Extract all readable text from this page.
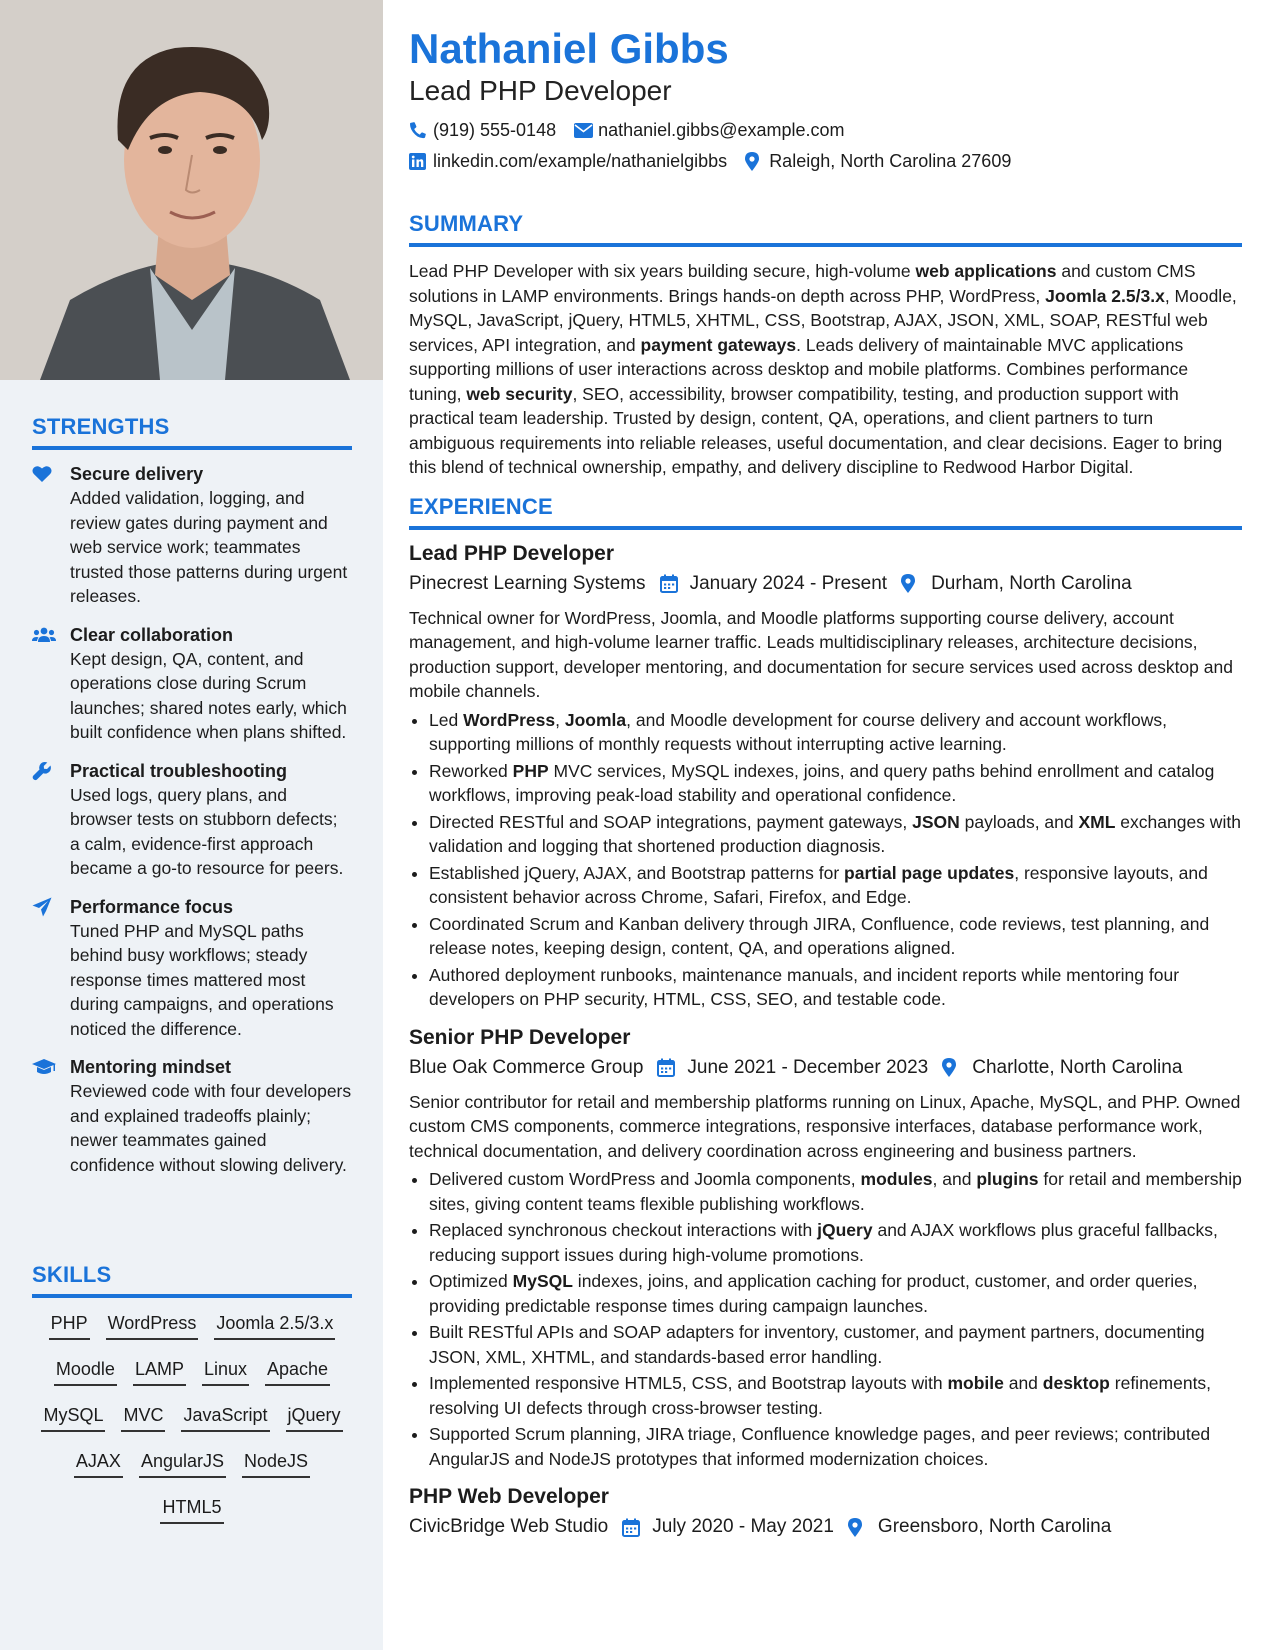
STRENGTHS
Secure delivery
Added validation, logging, and review gates during payment and web service work; teammates trusted those patterns during urgent releases.
Clear collaboration
Kept design, QA, content, and operations close during Scrum launches; shared notes early, which built confidence when plans shifted.
Practical troubleshooting
Used logs, query plans, and browser tests on stubborn defects; a calm, evidence-first approach became a go-to resource for peers.
Performance focus
Tuned PHP and MySQL paths behind busy workflows; steady response times mattered most during campaigns, and operations noticed the difference.
Mentoring mindset
Reviewed code with four developers and explained tradeoffs plainly; newer teammates gained confidence without slowing delivery.
SKILLS
PHP WordPress Joomla 2.5/3.x
Moodle LAMP Linux Apache
MySQL MVC JavaScript jQuery
AJAX AngularJS NodeJS
HTML5
Nathaniel Gibbs
Lead PHP Developer
(919) 555-0148 nathaniel.gibbs@example.com
linkedin.com/example/nathanielgibbs Raleigh, North Carolina 27609
SUMMARY
Lead PHP Developer with six years building secure, high-volume web applications and custom CMS solutions in LAMP environments. Brings hands-on depth across PHP, WordPress, Joomla 2.5/3.x, Moodle, MySQL, JavaScript, jQuery, HTML5, XHTML, CSS, Bootstrap, AJAX, JSON, XML, SOAP, RESTful web services, API integration, and payment gateways. Leads delivery of maintainable MVC applications supporting millions of user interactions across desktop and mobile platforms. Combines performance tuning, web security, SEO, accessibility, browser compatibility, testing, and production support with practical team leadership. Trusted by design, content, QA, operations, and client partners to turn ambiguous requirements into reliable releases, useful documentation, and clear decisions. Eager to bring this blend of technical ownership, empathy, and delivery discipline to Redwood Harbor Digital.
EXPERIENCE
Lead PHP Developer
Pinecrest Learning Systems January 2024 - Present Durham, North Carolina
Technical owner for WordPress, Joomla, and Moodle platforms supporting course delivery, account management, and high-volume learner traffic. Leads multidisciplinary releases, architecture decisions, production support, developer mentoring, and documentation for secure services used across desktop and mobile channels.
• Led WordPress, Joomla, and Moodle development for course delivery and account workflows, supporting millions of monthly requests without interrupting active learning.
• Reworked PHP MVC services, MySQL indexes, joins, and query paths behind enrollment and catalog workflows, improving peak-load stability and operational confidence.
• Directed RESTful and SOAP integrations, payment gateways, JSON payloads, and XML exchanges with validation and logging that shortened production diagnosis.
• Established jQuery, AJAX, and Bootstrap patterns for partial page updates, responsive layouts, and consistent behavior across Chrome, Safari, Firefox, and Edge.
• Coordinated Scrum and Kanban delivery through JIRA, Confluence, code reviews, test planning, and release notes, keeping design, content, QA, and operations aligned.
• Authored deployment runbooks, maintenance manuals, and incident reports while mentoring four developers on PHP security, HTML, CSS, SEO, and testable code.
Senior PHP Developer
Blue Oak Commerce Group June 2021 - December 2023 Charlotte, North Carolina
Senior contributor for retail and membership platforms running on Linux, Apache, MySQL, and PHP. Owned custom CMS components, commerce integrations, responsive interfaces, database performance work, technical documentation, and delivery coordination across engineering and business partners.
• Delivered custom WordPress and Joomla components, modules, and plugins for retail and membership sites, giving content teams flexible publishing workflows.
• Replaced synchronous checkout interactions with jQuery and AJAX workflows plus graceful fallbacks, reducing support issues during high-volume promotions.
• Optimized MySQL indexes, joins, and application caching for product, customer, and order queries, providing predictable response times during campaign launches.
• Built RESTful APIs and SOAP adapters for inventory, customer, and payment partners, documenting JSON, XML, XHTML, and standards-based error handling.
• Implemented responsive HTML5, CSS, and Bootstrap layouts with mobile and desktop refinements, resolving UI defects through cross-browser testing.
• Supported Scrum planning, JIRA triage, Confluence knowledge pages, and peer reviews; contributed AngularJS and NodeJS prototypes that informed modernization choices.
PHP Web Developer
CivicBridge Web Studio July 2020 - May 2021 Greensboro, North Carolina
